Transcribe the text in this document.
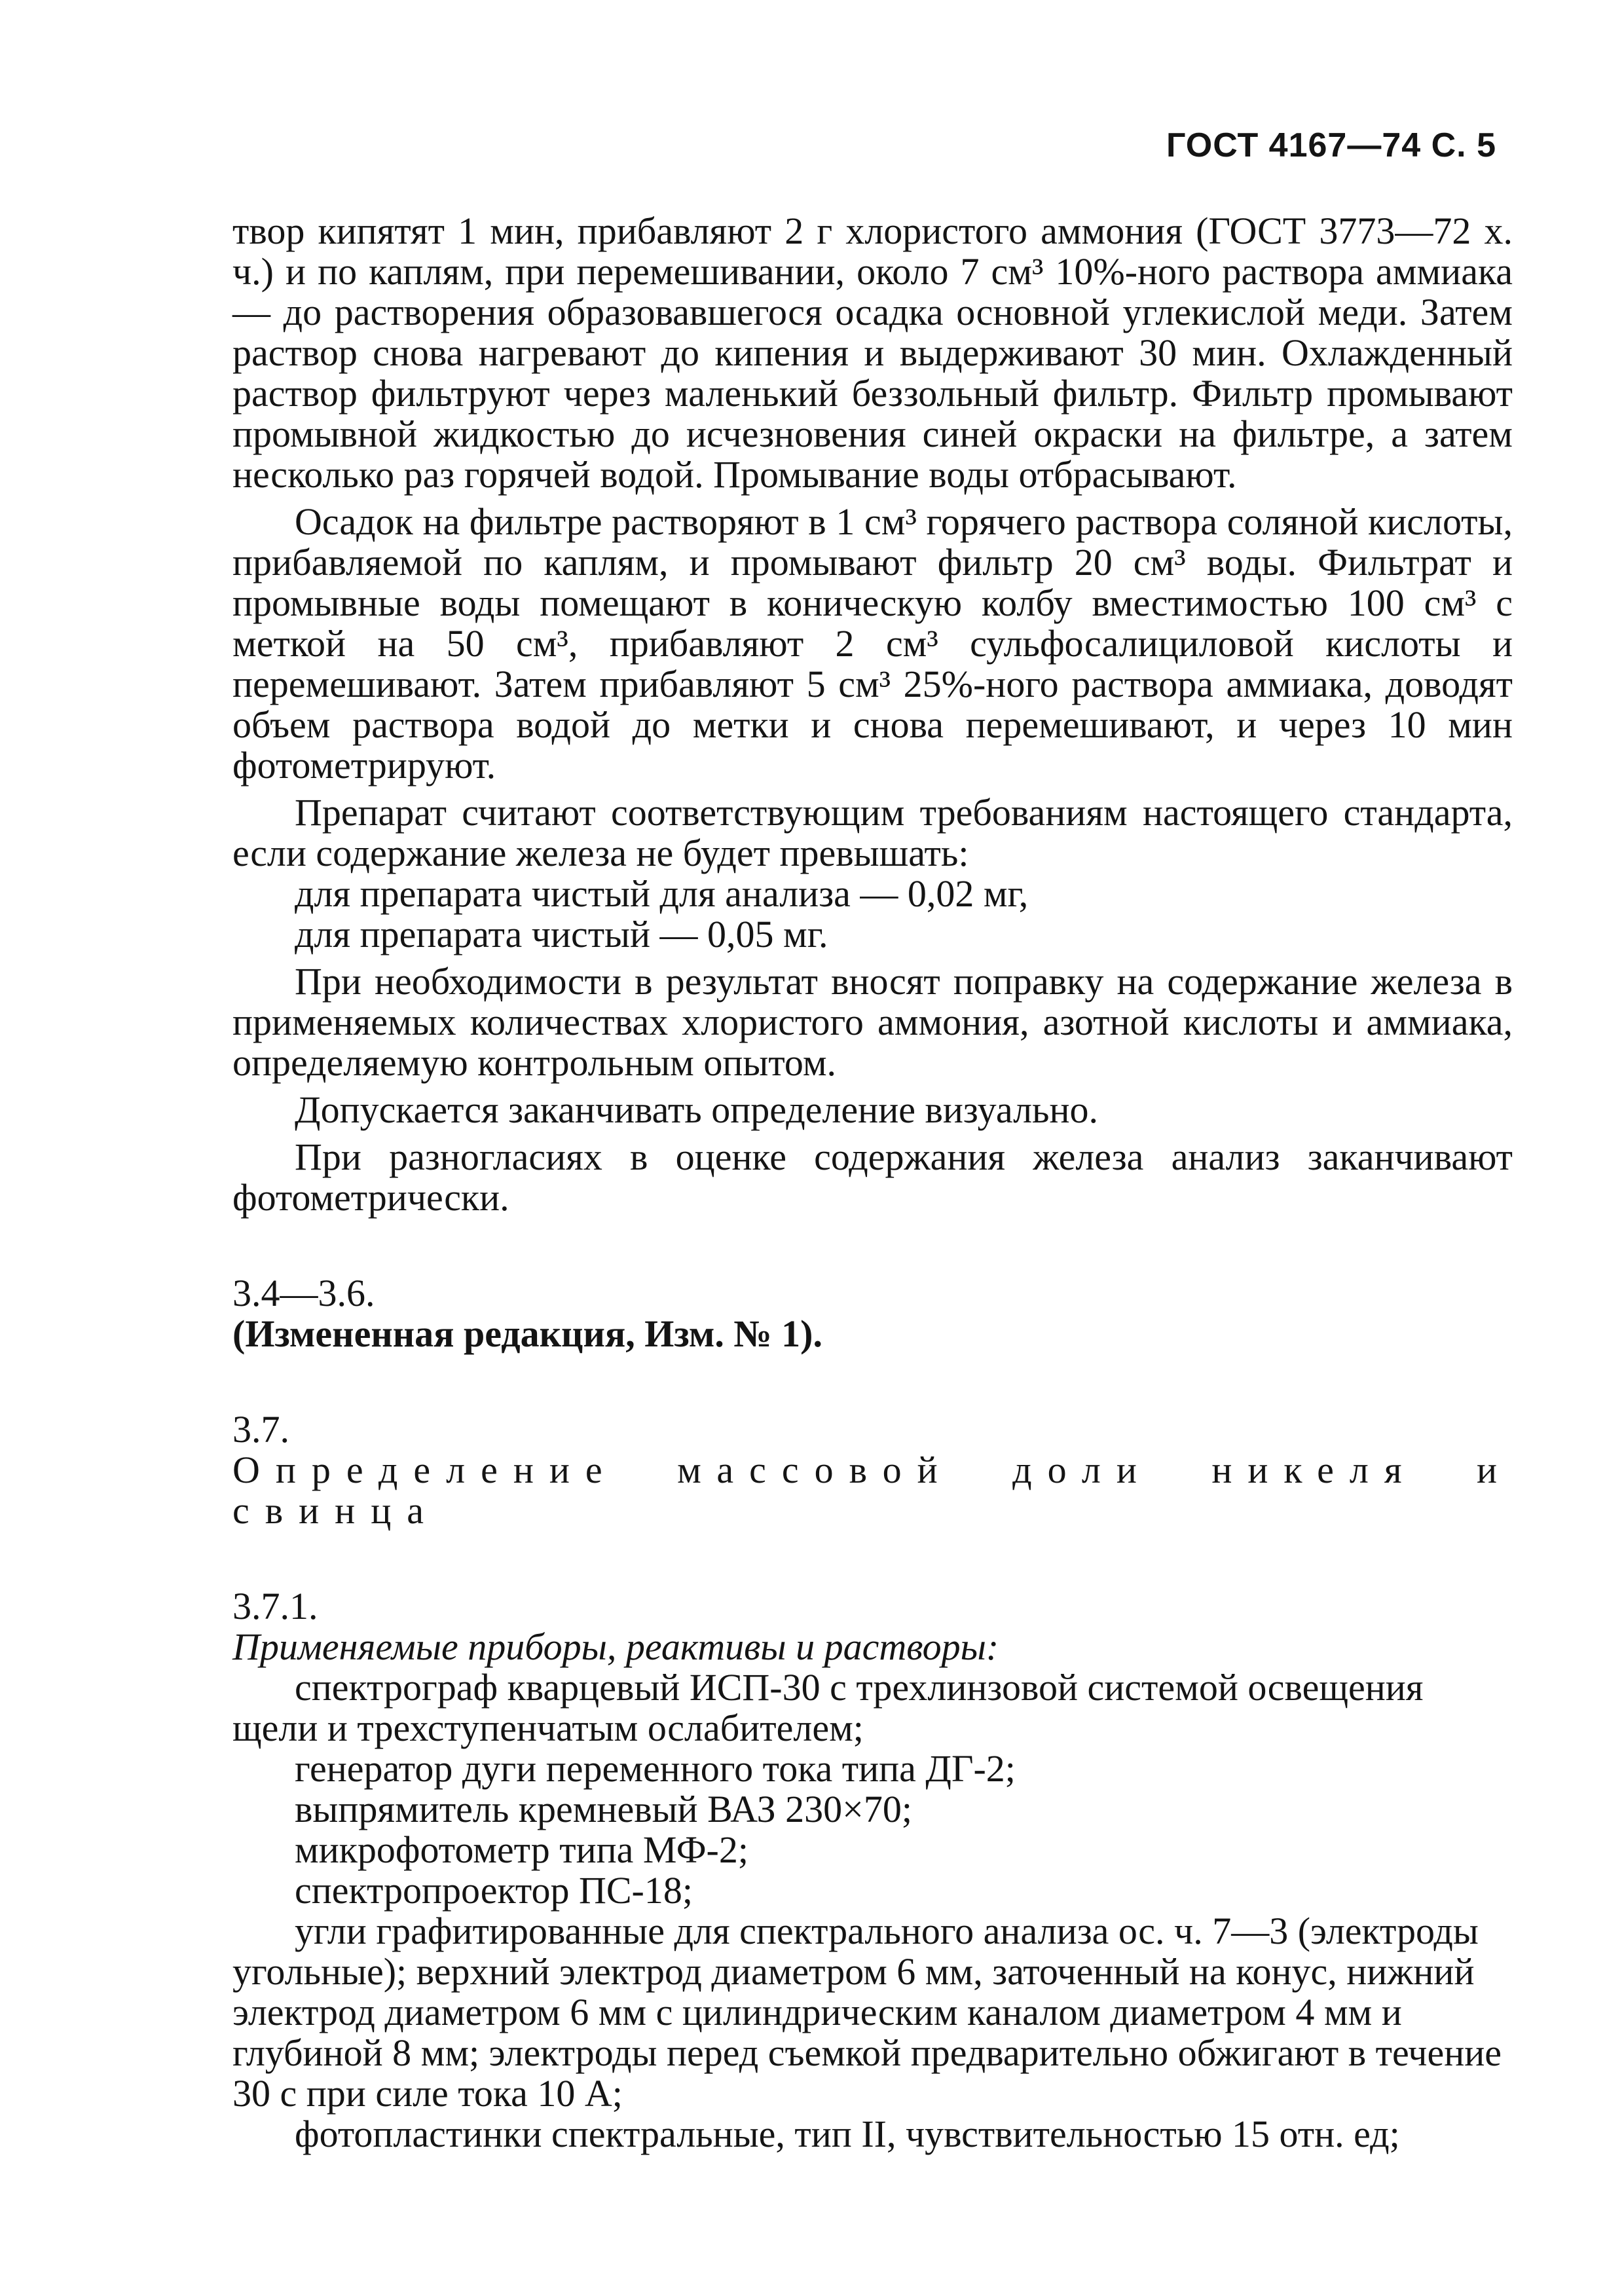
ГОСТ 4167—74 С. 5

твор кипятят 1 мин, прибавляют 2 г хлористого аммония (ГОСТ 3773—72 х. ч.) и по каплям, при перемешивании, около 7 см³ 10%-ного раствора аммиака — до растворения образовавшегося осадка основной углекислой меди. Затем раствор снова нагревают до кипения и выдерживают 30 мин. Охлажденный раствор фильтруют через маленький беззольный фильтр. Фильтр промывают промывной жидкостью до исчезновения синей окраски на фильтре, а затем несколько раз горячей водой. Промывание воды отбрасывают.

Осадок на фильтре растворяют в 1 см³ горячего раствора соляной кислоты, прибавляемой по каплям, и промывают фильтр 20 см³ воды. Фильтрат и промывные воды помещают в коническую колбу вместимостью 100 см³ с меткой на 50 см³, прибавляют 2 см³ сульфосалициловой кислоты и перемешивают. Затем прибавляют 5 см³ 25%-ного раствора аммиака, доводят объем раствора водой до метки и снова перемешивают, и через 10 мин фотометрируют.

Препарат считают соответствующим требованиям настоящего стандарта, если содержание железа не будет превышать:

для препарата чистый для анализа — 0,02 мг,
для препарата чистый — 0,05 мг.

При необходимости в результат вносят поправку на содержание железа в применяемых количествах хлористого аммония, азотной кислоты и аммиака, определяемую контрольным опытом.

Допускается заканчивать определение визуально.

При разногласиях в оценке содержания железа анализ заканчивают фотометрически.

3.4—3.6.
(Измененная редакция, Изм. № 1).

3.7.
Определение массовой доли никеля и свинца

3.7.1.
Применяемые приборы, реактивы и растворы:

спектрограф кварцевый ИСП-30 с трехлинзовой системой освещения щели и трехступенчатым ослабителем;
генератор дуги переменного тока типа ДГ-2;
выпрямитель кремневый ВАЗ 230×70;
микрофотометр типа МФ-2;
спектропроектор ПС-18;
угли графитированные для спектрального анализа ос. ч. 7—3 (электроды угольные); верхний электрод диаметром 6 мм, заточенный на конус, нижний электрод диаметром 6 мм с цилиндрическим каналом диаметром 4 мм и глубиной 8 мм; электроды перед съемкой предварительно обжигают в течение 30 с при силе тока 10 А;
фотопластинки спектральные, тип II, чувствительностью 15 отн. ед;
